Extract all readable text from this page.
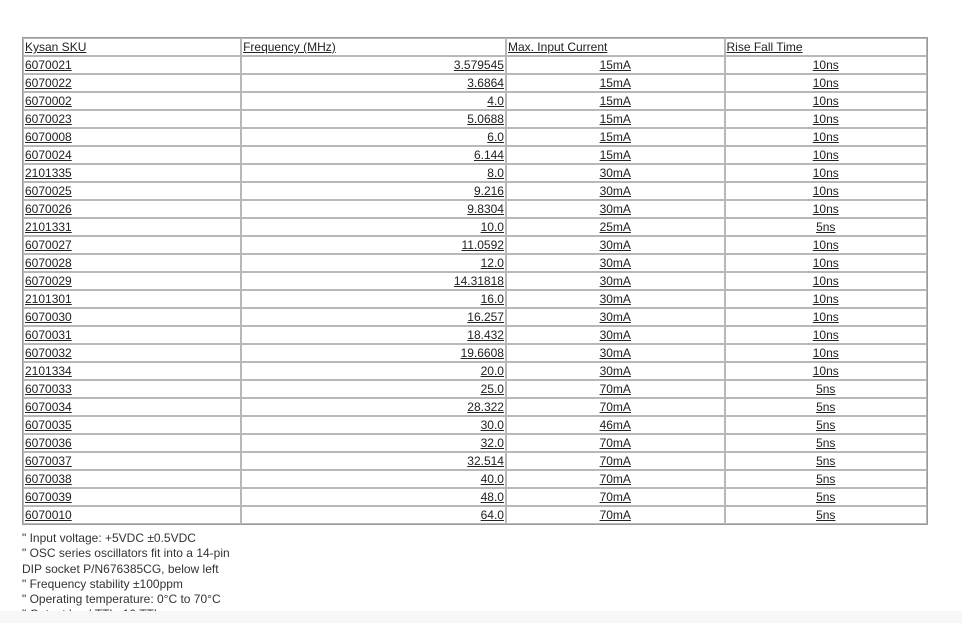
Kysan SKU	Frequency (MHz)	Max. Input Current	Rise Fall Time
6070021	3.579545	15mA	10ns
6070022	3.6864	15mA	10ns
6070002	4.0	15mA	10ns
6070023	5.0688	15mA	10ns
6070008	6.0	15mA	10ns
6070024	6.144	15mA	10ns
2101335	8.0	30mA	10ns
6070025	9.216	30mA	10ns
6070026	9.8304	30mA	10ns
2101331	10.0	25mA	5ns
6070027	11.0592	30mA	10ns
6070028	12.0	30mA	10ns
6070029	14.31818	30mA	10ns
2101301	16.0	30mA	10ns
6070030	16.257	30mA	10ns
6070031	18.432	30mA	10ns
6070032	19.6608	30mA	10ns
2101334	20.0	30mA	10ns
6070033	25.0	70mA	5ns
6070034	28.322	70mA	5ns
6070035	30.0	46mA	5ns
6070036	32.0	70mA	5ns
6070037	32.514	70mA	5ns
6070038	40.0	70mA	5ns
6070039	48.0	70mA	5ns
6070010	64.0	70mA	5ns
" Input voltage: +5VDC ±0.5VDC
" OSC series oscillators fit into a 14-pin
DIP socket P/N676385CG, below left
" Frequency stability ±100ppm
" Operating temperature: 0°C to 70°C
